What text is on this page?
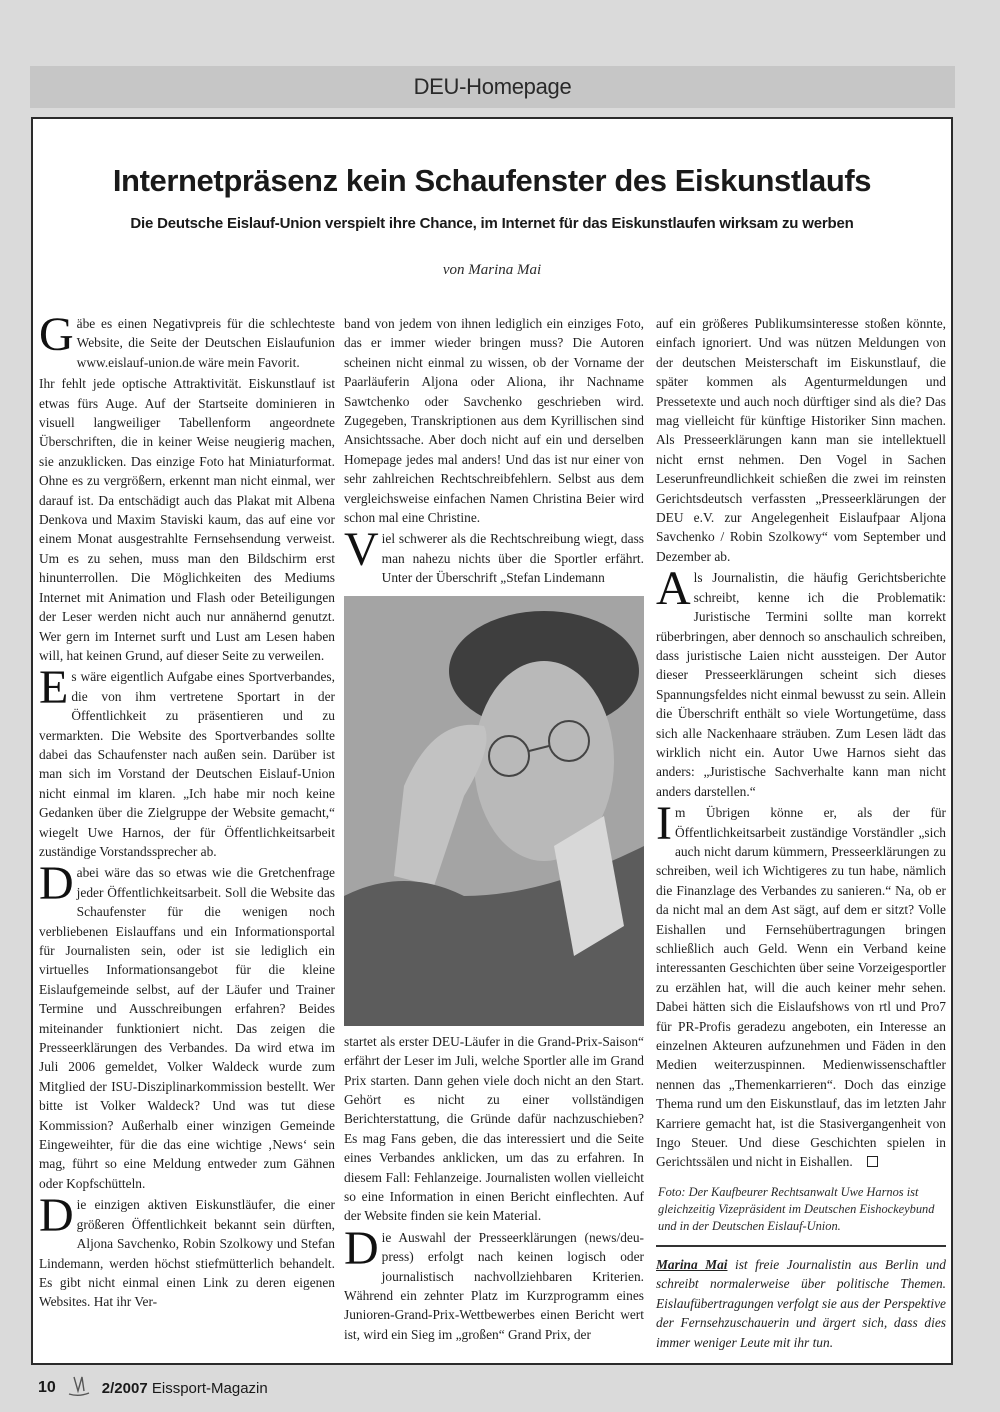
DEU-Homepage
Internetpräsenz kein Schaufenster des Eiskunstlaufs
Die Deutsche Eislauf-Union verspielt ihre Chance, im Internet für das Eiskunstlaufen wirksam zu werben
von Marina Mai

Gäbe es einen Negativpreis für die schlechteste Website, die Seite der Deutschen Eislaufunion www.eislauf-union.de wäre mein Favorit.

Ihr fehlt jede optische Attraktivität. Eiskunstlauf ist etwas fürs Auge. Auf der Startseite dominieren in visuell langweiliger Tabellenform angeordnete Überschriften, die in keiner Weise neugierig machen, sie anzuklicken. Das einzige Foto hat Miniaturformat. Ohne es zu vergrößern, erkennt man nicht einmal, wer darauf ist. Da entschädigt auch das Plakat mit Albena Denkova und Maxim Staviski kaum, das auf eine vor einem Monat ausgestrahlte Fernsehsendung verweist. Um es zu sehen, muss man den Bildschirm erst hinunterrollen. Die Möglichkeiten des Mediums Internet mit Animation und Flash oder Beteiligungen der Leser werden nicht auch nur annähernd genutzt. Wer gern im Internet surft und Lust am Lesen haben will, hat keinen Grund, auf dieser Seite zu verweilen.

Es wäre eigentlich Aufgabe eines Sportverbandes, die von ihm vertretene Sportart in der Öffentlichkeit zu präsentieren und zu vermarkten. Die Website des Sportverbandes sollte dabei das Schaufenster nach außen sein. Darüber ist man sich im Vorstand der Deutschen Eislauf-Union nicht einmal im klaren. „Ich habe mir noch keine Gedanken über die Zielgruppe der Website gemacht,“ wiegelt Uwe Harnos, der für Öffentlichkeitsarbeit zuständige Vorstandssprecher ab.

Dabei wäre das so etwas wie die Gretchenfrage jeder Öffentlichkeitsarbeit. Soll die Website das Schaufenster für die wenigen noch verbliebenen Eislauffans und ein Informationsportal für Journalisten sein, oder ist sie lediglich ein virtuelles Informationsangebot für die kleine Eislaufgemeinde selbst, auf der Läufer und Trainer Termine und Ausschreibungen erfahren? Beides miteinander funktioniert nicht. Das zeigen die Presseerklärungen des Verbandes. Da wird etwa im Juli 2006 gemeldet, Volker Waldeck wurde zum Mitglied der ISU-Disziplinarkommission bestellt. Wer bitte ist Volker Waldeck? Und was tut diese Kommission? Außerhalb einer winzigen Gemeinde Eingeweihter, für die das eine wichtige ‚News‘ sein mag, führt so eine Meldung entweder zum Gähnen oder Kopfschütteln.

Die einzigen aktiven Eiskunstläufer, die einer größeren Öffentlichkeit bekannt sein dürften, Aljona Savchenko, Robin Szolkowy und Stefan Lindemann, werden höchst stiefmütterlich behandelt. Es gibt nicht einmal einen Link zu deren eigenen Websites. Hat ihr Ver-

band von jedem von ihnen lediglich ein einziges Foto, das er immer wieder bringen muss? Die Autoren scheinen nicht einmal zu wissen, ob der Vorname der Paarläuferin Aljona oder Aliona, ihr Nachname Sawtchenko oder Savchenko geschrieben wird. Zugegeben, Transkriptionen aus dem Kyrillischen sind Ansichtssache. Aber doch nicht auf ein und derselben Homepage jedes mal anders! Und das ist nur einer von sehr zahlreichen Rechtschreibfehlern. Selbst aus dem vergleichsweise einfachen Namen Christina Beier wird schon mal eine Christine.

Viel schwerer als die Rechtschreibung wiegt, dass man nahezu nichts über die Sportler erfährt. Unter der Überschrift „Stefan Lindemann

startet als erster DEU-Läufer in die Grand-Prix-Saison“ erfährt der Leser im Juli, welche Sportler alle im Grand Prix starten. Dann gehen viele doch nicht an den Start. Gehört es nicht zu einer vollständigen Berichterstattung, die Gründe dafür nachzuschieben? Es mag Fans geben, die das interessiert und die Seite eines Verbandes anklicken, um das zu erfahren. In diesem Fall: Fehlanzeige. Journalisten wollen vielleicht so eine Information in einen Bericht einflechten. Auf der Website finden sie kein Material.

Die Auswahl der Presseerklärungen (news/deu-press) erfolgt nach keinen logisch oder journalistisch nachvollziehbaren Kriterien. Während ein zehnter Platz im Kurzprogramm eines Junioren-Grand-Prix-Wettbewerbes einen Bericht wert ist, wird ein Sieg im „großen“ Grand Prix, der

auf ein größeres Publikumsinteresse stoßen könnte, einfach ignoriert. Und was nützen Meldungen von der deutschen Meisterschaft im Eiskunstlauf, die später kommen als Agenturmeldungen und Pressetexte und auch noch dürftiger sind als die? Das mag vielleicht für künftige Historiker Sinn machen. Als Presseerklärungen kann man sie intellektuell nicht ernst nehmen. Den Vogel in Sachen Leserunfreundlichkeit schießen die zwei im reinsten Gerichtsdeutsch verfassten „Presseerklärungen der DEU e.V. zur Angelegenheit Eislaufpaar Aljona Savchenko / Robin Szolkowy“ vom September und Dezember ab.

Als Journalistin, die häufig Gerichtsberichte schreibt, kenne ich die Problematik: Juristische Termini sollte man korrekt rüberbringen, aber dennoch so anschaulich schreiben, dass juristische Laien nicht aussteigen. Der Autor dieser Presseerklärungen scheint sich dieses Spannungsfeldes nicht einmal bewusst zu sein. Allein die Überschrift enthält so viele Wortungetüme, dass sich alle Nackenhaare sträuben. Zum Lesen lädt das wirklich nicht ein. Autor Uwe Harnos sieht das anders: „Juristische Sachverhalte kann man nicht anders darstellen.“

Im Übrigen könne er, als der für Öffentlichkeitsarbeit zuständige Vorständler „sich auch nicht darum kümmern, Presseerklärungen zu schreiben, weil ich Wichtigeres zu tun habe, nämlich die Finanzlage des Verbandes zu sanieren.“ Na, ob er da nicht mal an dem Ast sägt, auf dem er sitzt? Volle Eishallen und Fernsehübertragungen bringen schließlich auch Geld. Wenn ein Verband keine interessanten Geschichten über seine Vorzeigesportler zu erzählen hat, will die auch keiner mehr sehen. Dabei hätten sich die Eislaufshows von rtl und Pro7 für PR-Profis geradezu angeboten, ein Interesse an einzelnen Akteuren aufzunehmen und Fäden in den Medien weiterzuspinnen. Medienwissenschaftler nennen das „Themenkarrieren“. Doch das einzige Thema rund um den Eiskunstlauf, das im letzten Jahr Karriere gemacht hat, ist die Stasivergangenheit von Ingo Steuer. Und diese Geschichten spielen in Gerichtssälen und nicht in Eishallen.

Foto: Der Kaufbeurer Rechtsanwalt Uwe Harnos ist gleichzeitig Vizepräsident im Deutschen Eishockeybund und in der Deutschen Eislauf-Union.
Marina Mai ist freie Journalistin aus Berlin und schreibt normalerweise über politische Themen. Eislaufübertragungen verfolgt sie aus der Perspektive der Fernsehzuschauerin und ärgert sich, dass dies immer weniger Leute mit ihr tun.
10	2/2007 Eissport-Magazin
